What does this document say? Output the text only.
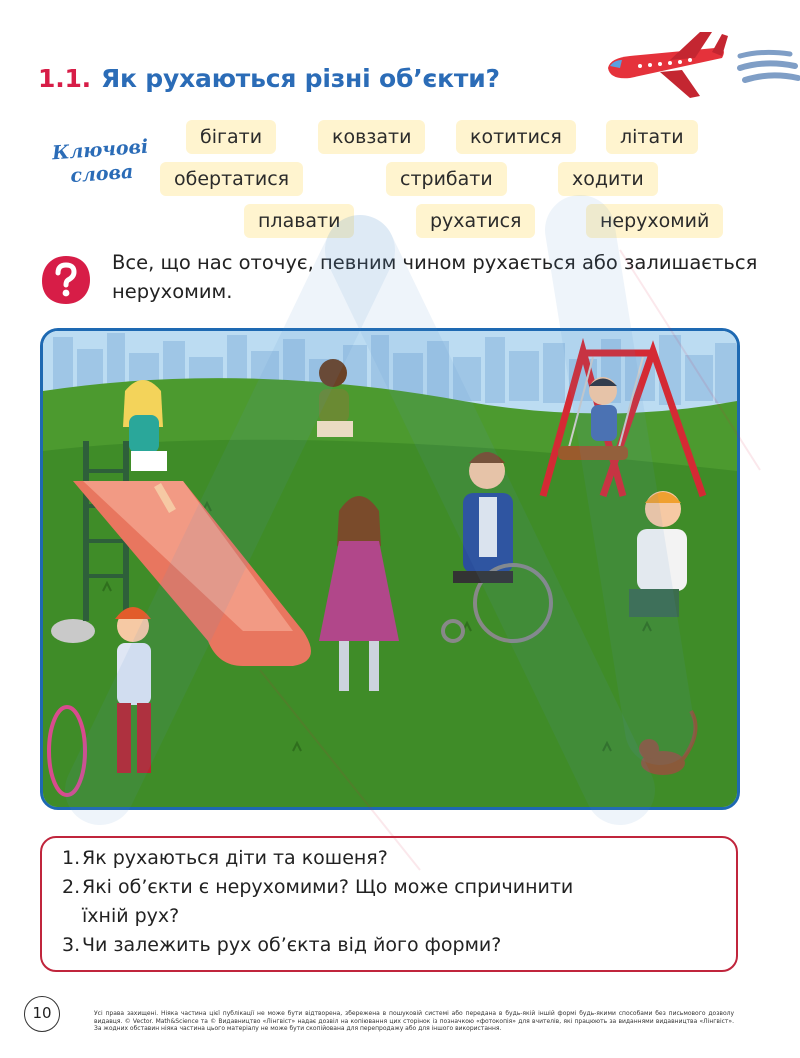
1.1. Як рухаються різні об’єкти?
Ключові
слова
бігати	ковзати	котитися	літати
обертатися	стрибати	ходити
плавати	рухатися	нерухомий
Все, що нас оточує, певним чином рухається або залишається нерухомим.
1.Як рухаються діти та кошеня?
2.Які об’єкти є нерухомими? Що може спричинити
їхній рух?
3.Чи залежить рух об’єкта від його форми?
10	Усі права захищені. Ніяка частина цієї публікації не може бути відтворена, збережена в пошуковій системі або передана в будь-якій іншій формі будь-якими способами без письмового дозволу видавця. © Vector. Math&Science та © Видавництво «Лінгвіст» надає дозвіл на копіювання цих сторінок із позначкою «фотокопія» для вчителів, які працюють за виданнями видавництва «Лінгвіст». За жодних обставин ніяка частина цього матеріалу не може бути скопійована для перепродажу або для іншого використання.
